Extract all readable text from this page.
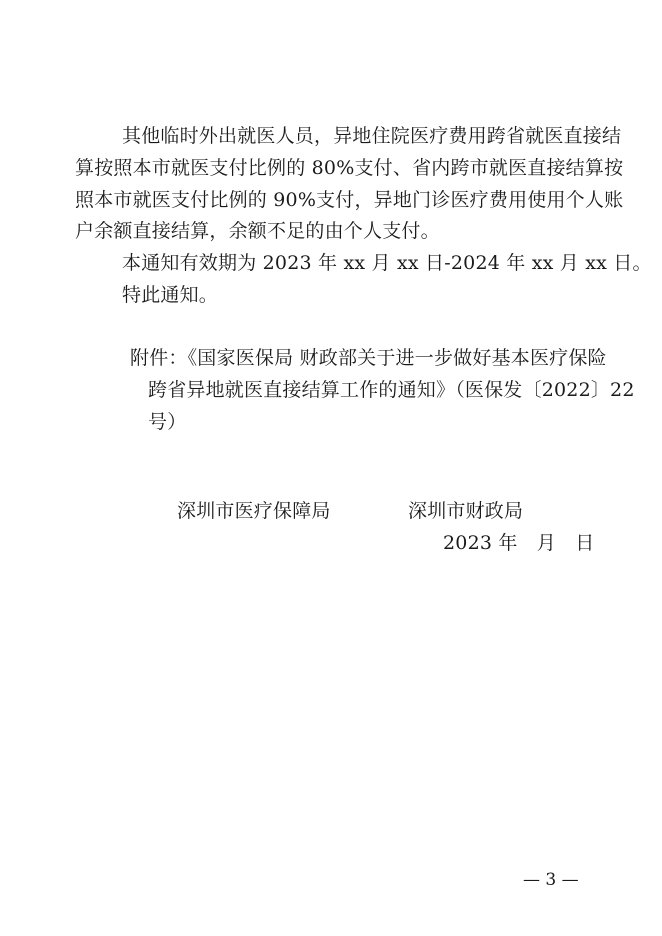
其他临时外出就医人员，异地住院医疗费用跨省就医直接结
算按照本市就医支付比例的 80%支付、省内跨市就医直接结算按
照本市就医支付比例的 90%支付，异地门诊医疗费用使用个人账
户余额直接结算，余额不足的由个人支付。
本通知有效期为 2023 年 xx 月 xx 日-2024 年 xx 月 xx 日。
特此通知。
附件：《国家医保局 财政部关于进一步做好基本医疗保险
跨省异地就医直接结算工作的通知》（医保发〔2022〕22
号）
深圳市医疗保障局	深圳市财政局
2023 年　月　日
— 3 —
